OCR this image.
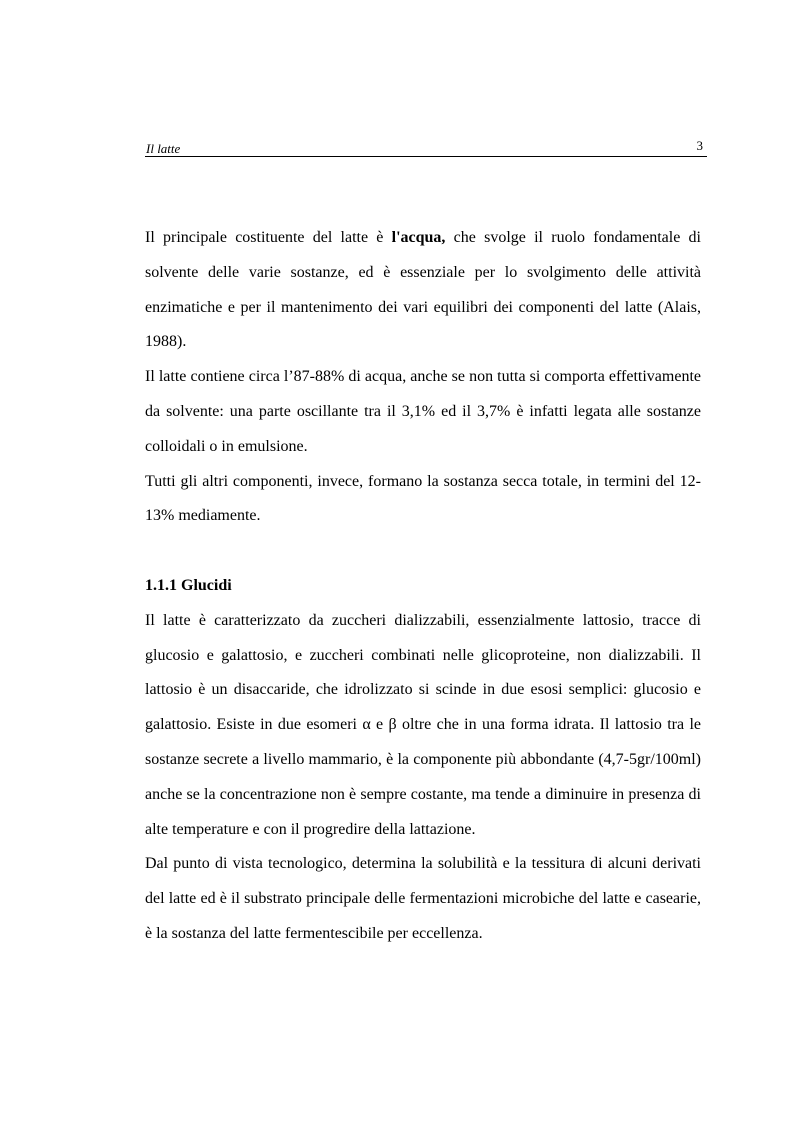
Il latte	3

Il principale costituente del latte è l'acqua, che svolge il ruolo fondamentale di solvente delle varie sostanze, ed è essenziale per lo svolgimento delle attività enzimatiche e per il mantenimento dei vari equilibri dei componenti del latte (Alais, 1988).

Il latte contiene circa l’87-88% di acqua, anche se non tutta si comporta effettivamente da solvente: una parte oscillante tra il 3,1% ed il 3,7% è infatti legata alle sostanze colloidali o in emulsione.

Tutti gli altri componenti, invece, formano la sostanza secca totale, in termini del 12-13% mediamente.

1.1.1 Glucidi

Il latte è caratterizzato da zuccheri dializzabili, essenzialmente lattosio, tracce di glucosio e galattosio, e zuccheri combinati nelle glicoproteine, non dializzabili. Il lattosio è un disaccaride, che idrolizzato si scinde in due esosi semplici: glucosio e galattosio. Esiste in due esomeri α e β oltre che in una forma idrata. Il lattosio tra le sostanze secrete a livello mammario, è la componente più abbondante (4,7-5gr/100ml) anche se la concentrazione non è sempre costante, ma tende a diminuire in presenza di alte temperature e con il progredire della lattazione.

Dal punto di vista tecnologico, determina la solubilità e la tessitura di alcuni derivati del latte ed è il substrato principale delle fermentazioni microbiche del latte e casearie, è la sostanza del latte fermentescibile per eccellenza.
